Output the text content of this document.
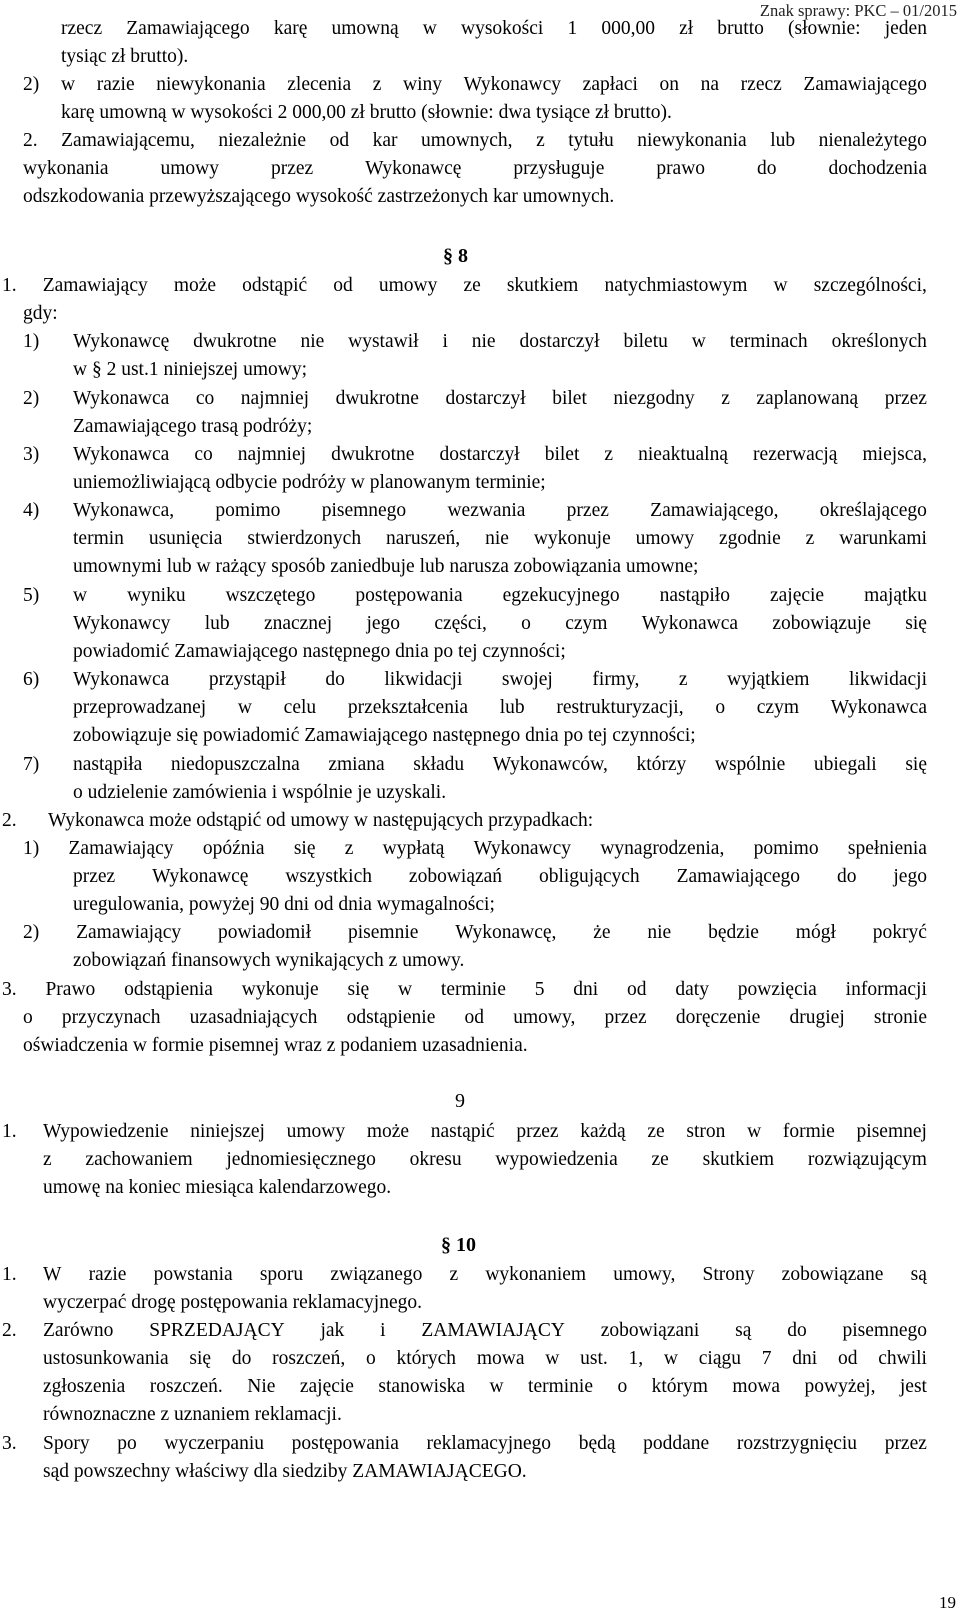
Znak sprawy: PKC – 01/2015
rzecz Zamawiającego karę umowną w wysokości 1 000,00 zł brutto (słownie: jeden
tysiąc zł brutto).
2) w razie niewykonania zlecenia z winy Wykonawcy zapłaci on na rzecz Zamawiającego
karę umowną w wysokości 2 000,00 zł brutto (słownie: dwa tysiące zł brutto).
2. Zamawiającemu, niezależnie od kar umownych, z tytułu niewykonania lub nienależytego
wykonania	umowy	przez	Wykonawcę	przysługuje	prawo	do	dochodzenia
odszkodowania przewyższającego wysokość zastrzeżonych kar umownych.
§ 8
1. Zamawiający może odstąpić od umowy ze skutkiem natychmiastowym w szczególności,
gdy:
1) Wykonawcę dwukrotne nie wystawił i nie dostarczył biletu w terminach określonych
w § 2 ust.1 niniejszej umowy;
2) Wykonawca co najmniej dwukrotne dostarczył bilet niezgodny z zaplanowaną przez
Zamawiającego trasą podróży;
3) Wykonawca co najmniej dwukrotne dostarczył bilet z nieaktualną rezerwacją miejsca,
uniemożliwiającą odbycie podróży w planowanym terminie;
4) Wykonawca, pomimo pisemnego wezwania przez Zamawiającego, określającego
termin usunięcia stwierdzonych naruszeń, nie wykonuje umowy zgodnie z warunkami
umownymi lub w rażący sposób zaniedbuje lub narusza zobowiązania umowne;
5) w wyniku wszczętego postępowania egzekucyjnego nastąpiło zajęcie majątku
Wykonawcy lub znacznej jego części, o czym Wykonawca zobowiązuje się
powiadomić Zamawiającego następnego dnia po tej czynności;
6) Wykonawca przystąpił do likwidacji swojej firmy, z wyjątkiem likwidacji
przeprowadzanej w celu przekształcenia lub restrukturyzacji, o czym Wykonawca
zobowiązuje się powiadomić Zamawiającego następnego dnia po tej czynności;
7) nastąpiła niedopuszczalna zmiana składu Wykonawców, którzy wspólnie ubiegali się
o udzielenie zamówienia i wspólnie je uzyskali.
2. Wykonawca może odstąpić od umowy w następujących przypadkach:
1) Zamawiający opóźnia się z wypłatą Wykonawcy wynagrodzenia, pomimo spełnienia
przez Wykonawcę wszystkich zobowiązań obligujących Zamawiającego do jego
uregulowania, powyżej 90 dni od dnia wymagalności;
2) Zamawiający powiadomił pisemnie Wykonawcę, że nie będzie mógł pokryć
zobowiązań finansowych wynikających z umowy.
3. Prawo odstąpienia wykonuje się w terminie 5 dni od daty powzięcia informacji
o przyczynach uzasadniających odstąpienie od umowy, przez doręczenie drugiej stronie
oświadczenia w formie pisemnej wraz z podaniem uzasadnienia.
9
1. Wypowiedzenie niniejszej umowy może nastąpić przez każdą ze stron w formie pisemnej
z zachowaniem jednomiesięcznego okresu wypowiedzenia ze skutkiem rozwiązującym
umowę na koniec miesiąca kalendarzowego.
§ 10
1. W razie powstania sporu związanego z wykonaniem umowy, Strony zobowiązane są
wyczerpać drogę postępowania reklamacyjnego.
2. Zarówno SPRZEDAJĄCY jak i ZAMAWIAJĄCY zobowiązani są do pisemnego
ustosunkowania się do roszczeń, o których mowa w ust. 1, w ciągu 7 dni od chwili
zgłoszenia roszczeń. Nie zajęcie stanowiska w terminie o którym mowa powyżej, jest
równoznaczne z uznaniem reklamacji.
3. Spory po wyczerpaniu postępowania reklamacyjnego będą poddane rozstrzygnięciu przez
sąd powszechny właściwy dla siedziby ZAMAWIAJĄCEGO.
19
